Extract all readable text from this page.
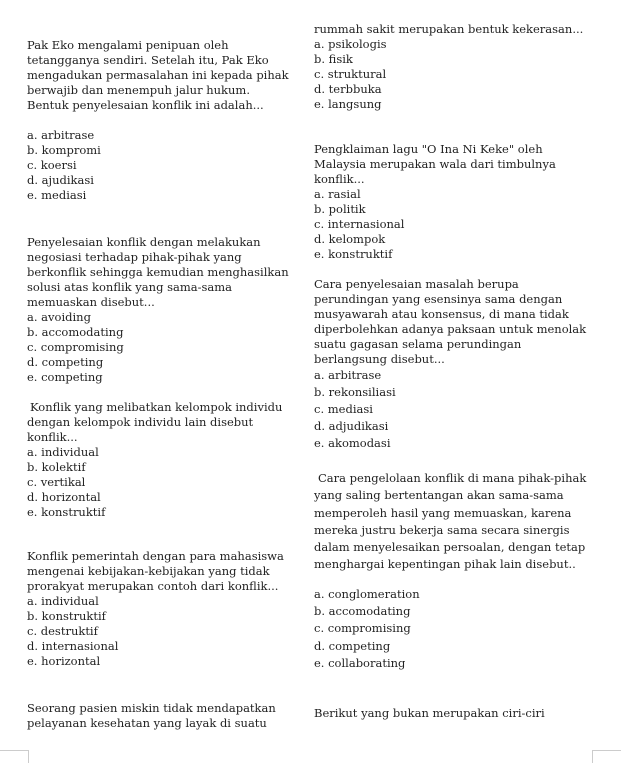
Pak Eko mengalami penipuan oleh tetangganya sendiri. Setelah itu, Pak Eko mengadukan permasalahan ini kepada pihak berwajib dan menempuh jalur hukum. Bentuk penyelesaian konflik ini adalah...

a. arbitrase
b. kompromi
c. koersi
d. ajudikasi
e. mediasi

Penyelesaian konflik dengan melakukan negosiasi terhadap pihak-pihak yang berkonflik sehingga kemudian menghasilkan solusi atas konflik yang sama-sama memuaskan disebut...

a. avoiding
b. accomodating
c. compromising
d. competing
e. competing

Konflik yang melibatkan kelompok individu dengan kelompok individu lain disebut konflik...

a. individual
b. kolektif
c. vertikal
d. horizontal
e. konstruktif

Konflik pemerintah dengan para mahasiswa mengenai kebijakan-kebijakan yang tidak prorakyat merupakan contoh dari konflik...

a. individual
b. konstruktif
c. destruktif
d. internasional
e. horizontal

Seorang pasien miskin tidak mendapatkan pelayanan kesehatan yang layak di suatu

rummah sakit merupakan bentuk kekerasan...

a. psikologis
b. fisik
c. struktural
d. terbbuka
e. langsung

Pengklaiman lagu "O Ina Ni Keke" oleh Malaysia merupakan wala dari timbulnya konflik...

a. rasial
b. politik
c. internasional
d. kelompok
e. konstruktif

Cara penyelesaian masalah berupa perundingan yang esensinya sama dengan musyawarah atau konsensus, di mana tidak diperbolehkan adanya paksaan untuk menolak suatu gagasan selama perundingan berlangsung disebut...

a. arbitrase
b. rekonsiliasi
c. mediasi
d. adjudikasi
e. akomodasi

Cara pengelolaan konflik di mana pihak-pihak yang saling bertentangan akan sama-sama memperoleh hasil yang memuaskan, karena mereka justru bekerja sama secara sinergis dalam menyelesaikan persoalan, dengan tetap menghargai kepentingan pihak lain disebut..

a. conglomeration
b. accomodating
c. compromising
d. competing
e. collaborating

Berikut yang bukan merupakan ciri-ciri
